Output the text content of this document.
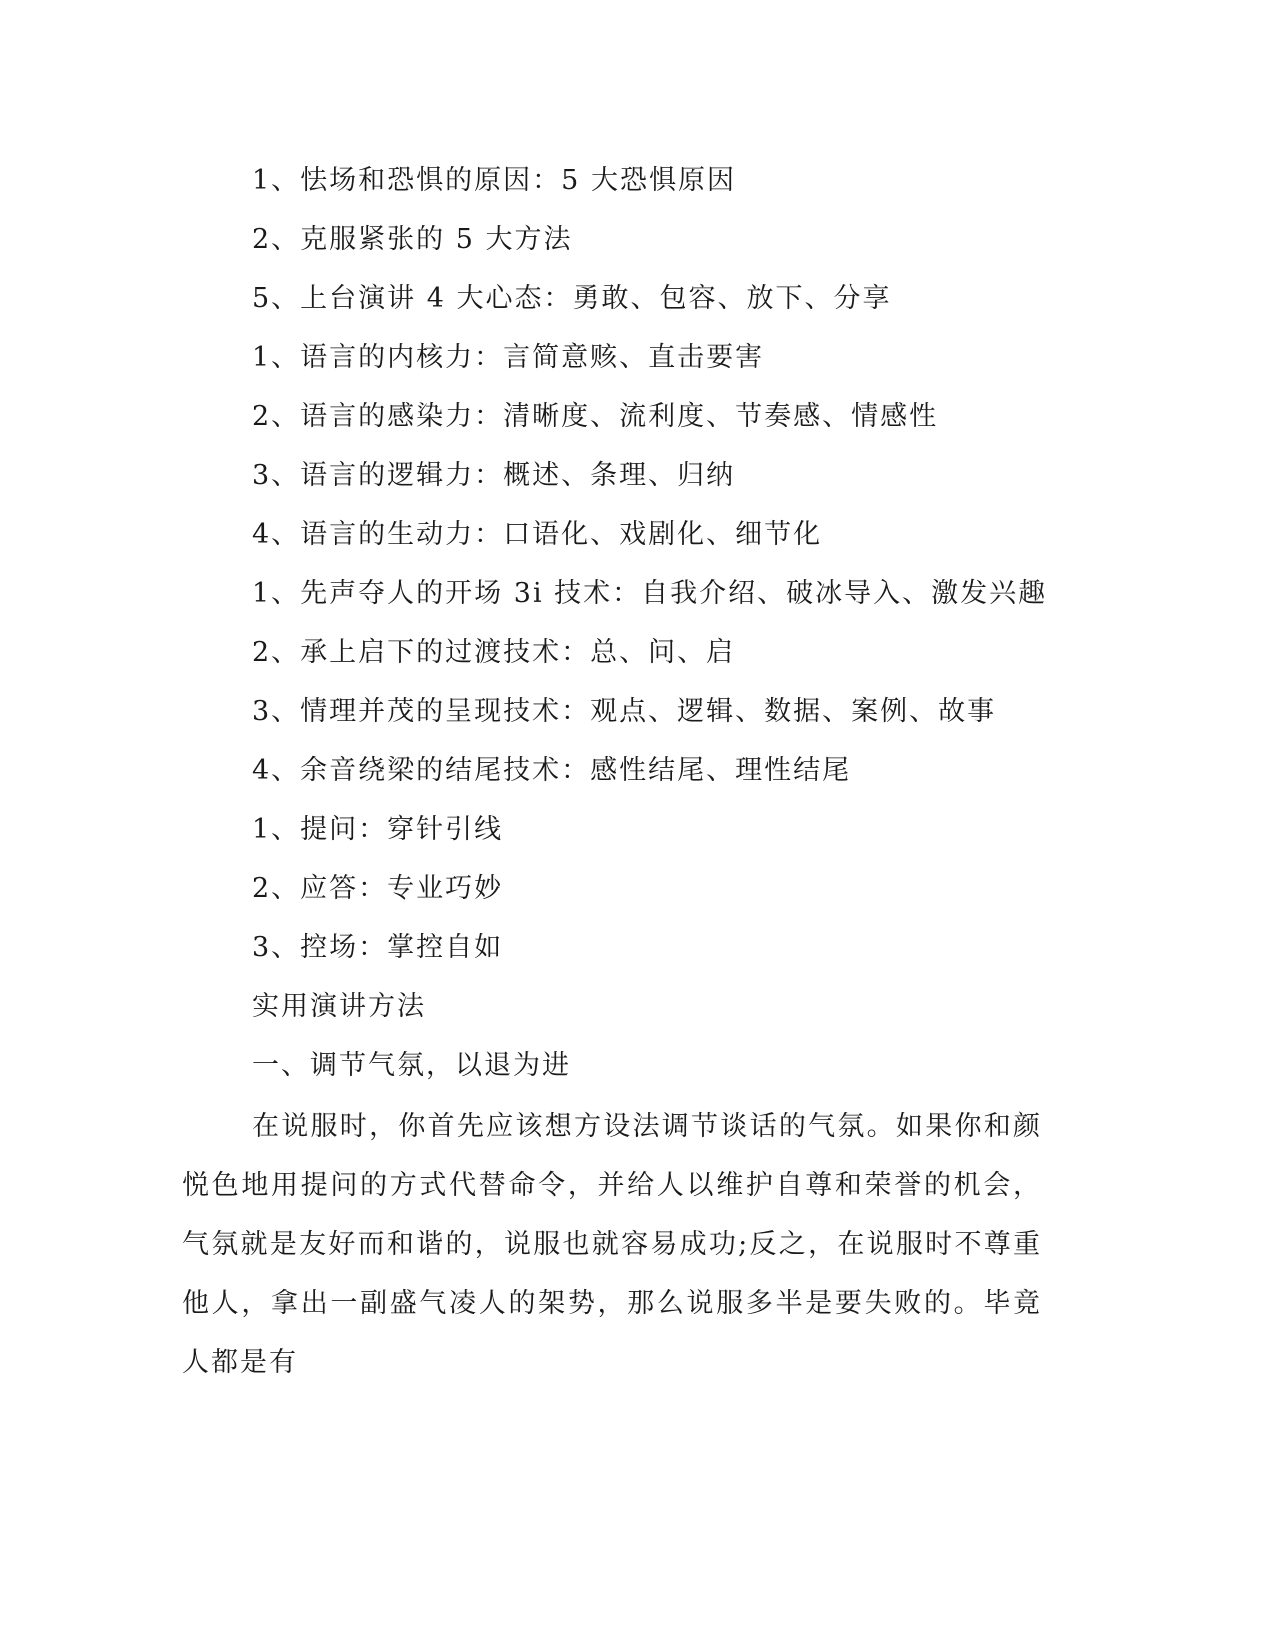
1、怯场和恐惧的原因：5 大恐惧原因
2、克服紧张的 5 大方法
5、上台演讲 4 大心态：勇敢、包容、放下、分享
1、语言的内核力：言简意赅、直击要害
2、语言的感染力：清晰度、流利度、节奏感、情感性
3、语言的逻辑力：概述、条理、归纳
4、语言的生动力：口语化、戏剧化、细节化
1、先声夺人的开场 3i 技术：自我介绍、破冰导入、激发兴趣
2、承上启下的过渡技术：总、问、启
3、情理并茂的呈现技术：观点、逻辑、数据、案例、故事
4、余音绕梁的结尾技术：感性结尾、理性结尾
1、提问：穿针引线
2、应答：专业巧妙
3、控场：掌控自如
实用演讲方法
一、调节气氛，以退为进

在说服时，你首先应该想方设法调节谈话的气氛。如果你和颜悦色地用提问的方式代替命令，并给人以维护自尊和荣誉的机会，气氛就是友好而和谐的，说服也就容易成功;反之，在说服时不尊重他人，拿出一副盛气凌人的架势，那么说服多半是要失败的。毕竟人都是有
